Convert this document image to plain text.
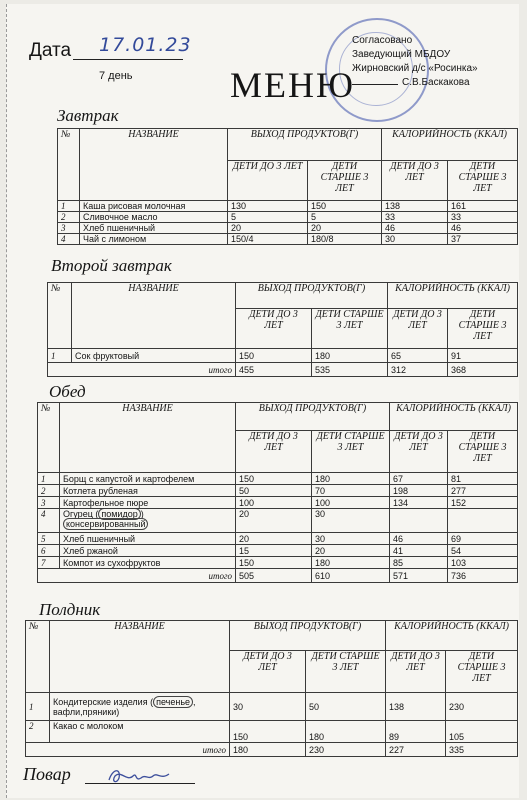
Дата 17.01.23
7 день
Согласовано
Заведующий МБДОУ
Жирновский д/с «Росинка»
С.В.Баскакова
МЕНЮ
Завтрак
№	НАЗВАНИЕ	ВЫХОД ПРОДУКТОВ(Г)		КАЛОРИЙНОСТЬ (ККАЛ)	
		ДЕТИ ДО 3 ЛЕТ	ДЕТИ СТАРШЕ 3 ЛЕТ	ДЕТИ ДО 3 ЛЕТ	ДЕТИ СТАРШЕ 3 ЛЕТ
1	Каша рисовая молочная	130	150	138	161
2	Сливочное масло	5	5	33	33
3	Хлеб пшеничный	20	20	46	46
4	Чай с лимоном	150/4	180/8	30	37
Второй завтрак
№	НАЗВАНИЕ	ВЫХОД ПРОДУКТОВ(Г)		КАЛОРИЙНОСТЬ (ККАЛ)	
		ДЕТИ ДО 3 ЛЕТ	ДЕТИ СТАРШЕ 3 ЛЕТ	ДЕТИ ДО 3 ЛЕТ	ДЕТИ СТАРШЕ 3 ЛЕТ
1	Сок фруктовый	150	180	65	91
итого		455	535	312	368
Обед
№	НАЗВАНИЕ	ВЫХОД ПРОДУКТОВ(Г)		КАЛОРИЙНОСТЬ (ККАЛ)	
		ДЕТИ ДО 3 ЛЕТ	ДЕТИ СТАРШЕ 3 ЛЕТ	ДЕТИ ДО 3 ЛЕТ	ДЕТИ СТАРШЕ 3 ЛЕТ
1	Борщ с капустой и картофелем	150	180	67	81
2	Котлета рубленая	50	70	198	277
3	Картофельное пюре	100	100	134	152
4	Огурец ( помидор )
консервированный	20	30		
5	Хлеб пшеничный	20	30	46	69
6	Хлеб ржаной	15	20	41	54
7	Компот из сухофруктов	150	180	85	103
итого		505	610	571	736
Полдник
№	НАЗВАНИЕ	ВЫХОД ПРОДУКТОВ(Г)		КАЛОРИЙНОСТЬ (ККАЛ)	
		ДЕТИ ДО 3 ЛЕТ	ДЕТИ СТАРШЕ 3 ЛЕТ	ДЕТИ ДО 3 ЛЕТ	ДЕТИ СТАРШЕ 3 ЛЕТ
1	Кондитерские изделия ( печенье ,
вафли,пряники)	30	50	138	230
2	Какао с молоком	150	180	89	105
итого		180	230	227	335
Повар
